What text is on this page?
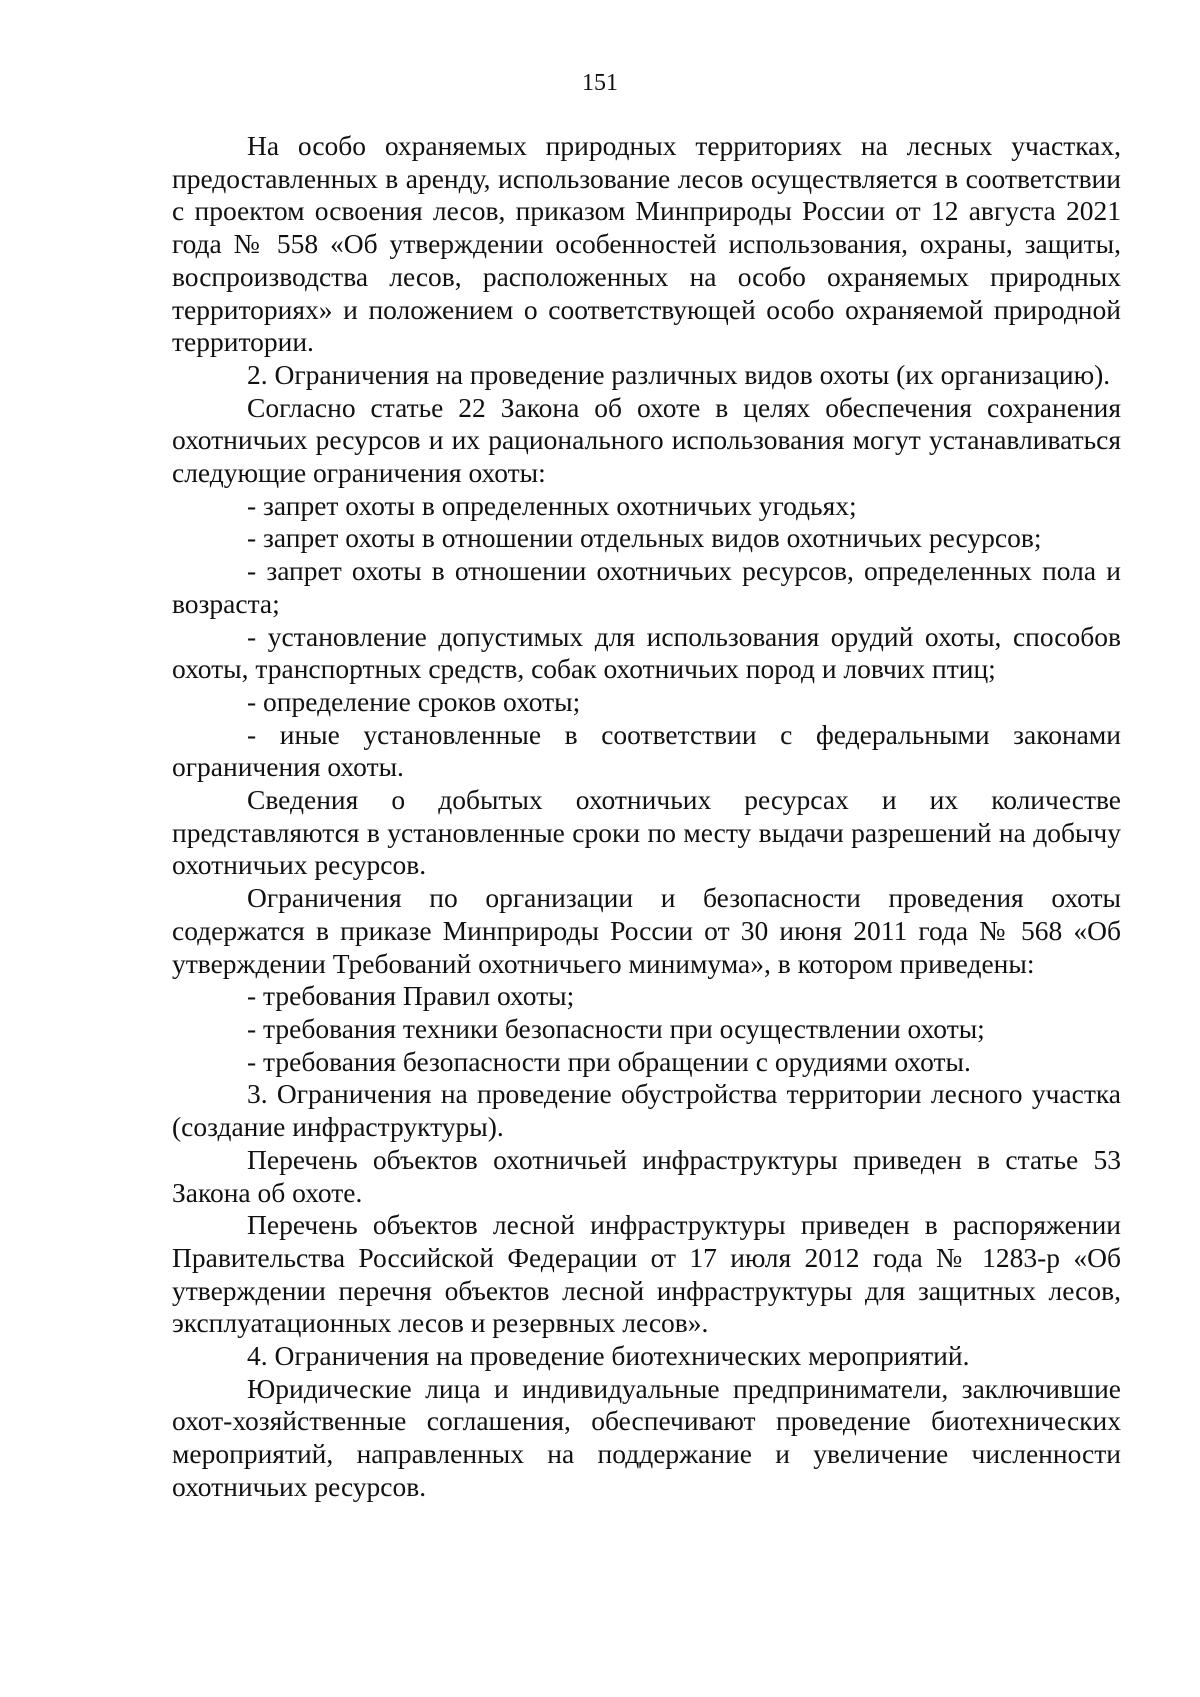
151

На особо охраняемых природных территориях на лесных участках, предоставленных в аренду, использование лесов осуществляется в соответствии с проектом освоения лесов, приказом Минприроды России от 12 августа 2021 года № 558 «Об утверждении особенностей использования, охраны, защиты, воспроизводства лесов, расположенных на особо охраняемых природных территориях» и положением о соответствующей особо охраняемой природной территории.

2. Ограничения на проведение различных видов охоты (их организацию).

Согласно статье 22 Закона об охоте в целях обеспечения сохранения охотничьих ресурсов и их рационального использования могут устанавливаться следующие ограничения охоты:

- запрет охоты в определенных охотничьих угодьях;

- запрет охоты в отношении отдельных видов охотничьих ресурсов;

- запрет охоты в отношении охотничьих ресурсов, определенных пола и возраста;

- установление допустимых для использования орудий охоты, способов охоты, транспортных средств, собак охотничьих пород и ловчих птиц;

- определение сроков охоты;

- иные установленные в соответствии с федеральными законами ограничения охоты.

Сведения о добытых охотничьих ресурсах и их количестве представляются в установленные сроки по месту выдачи разрешений на добычу охотничьих ресурсов.

Ограничения по организации и безопасности проведения охоты содержатся в приказе Минприроды России от 30 июня 2011 года № 568 «Об утверждении Требований охотничьего минимума», в котором приведены:

- требования Правил охоты;

- требования техники безопасности при осуществлении охоты;

- требования безопасности при обращении с орудиями охоты.

3. Ограничения на проведение обустройства территории лесного участка (создание инфраструктуры).

Перечень объектов охотничьей инфраструктуры приведен в статье 53 Закона об охоте.

Перечень объектов лесной инфраструктуры приведен в распоряжении Правительства Российской Федерации от 17 июля 2012 года № 1283-р «Об утверждении перечня объектов лесной инфраструктуры для защитных лесов, эксплуатационных лесов и резервных лесов».

4. Ограничения на проведение биотехнических мероприятий.

Юридические лица и индивидуальные предприниматели, заключившие охот-хозяйственные соглашения, обеспечивают проведение биотехнических мероприятий, направленных на поддержание и увеличение численности охотничьих ресурсов.
